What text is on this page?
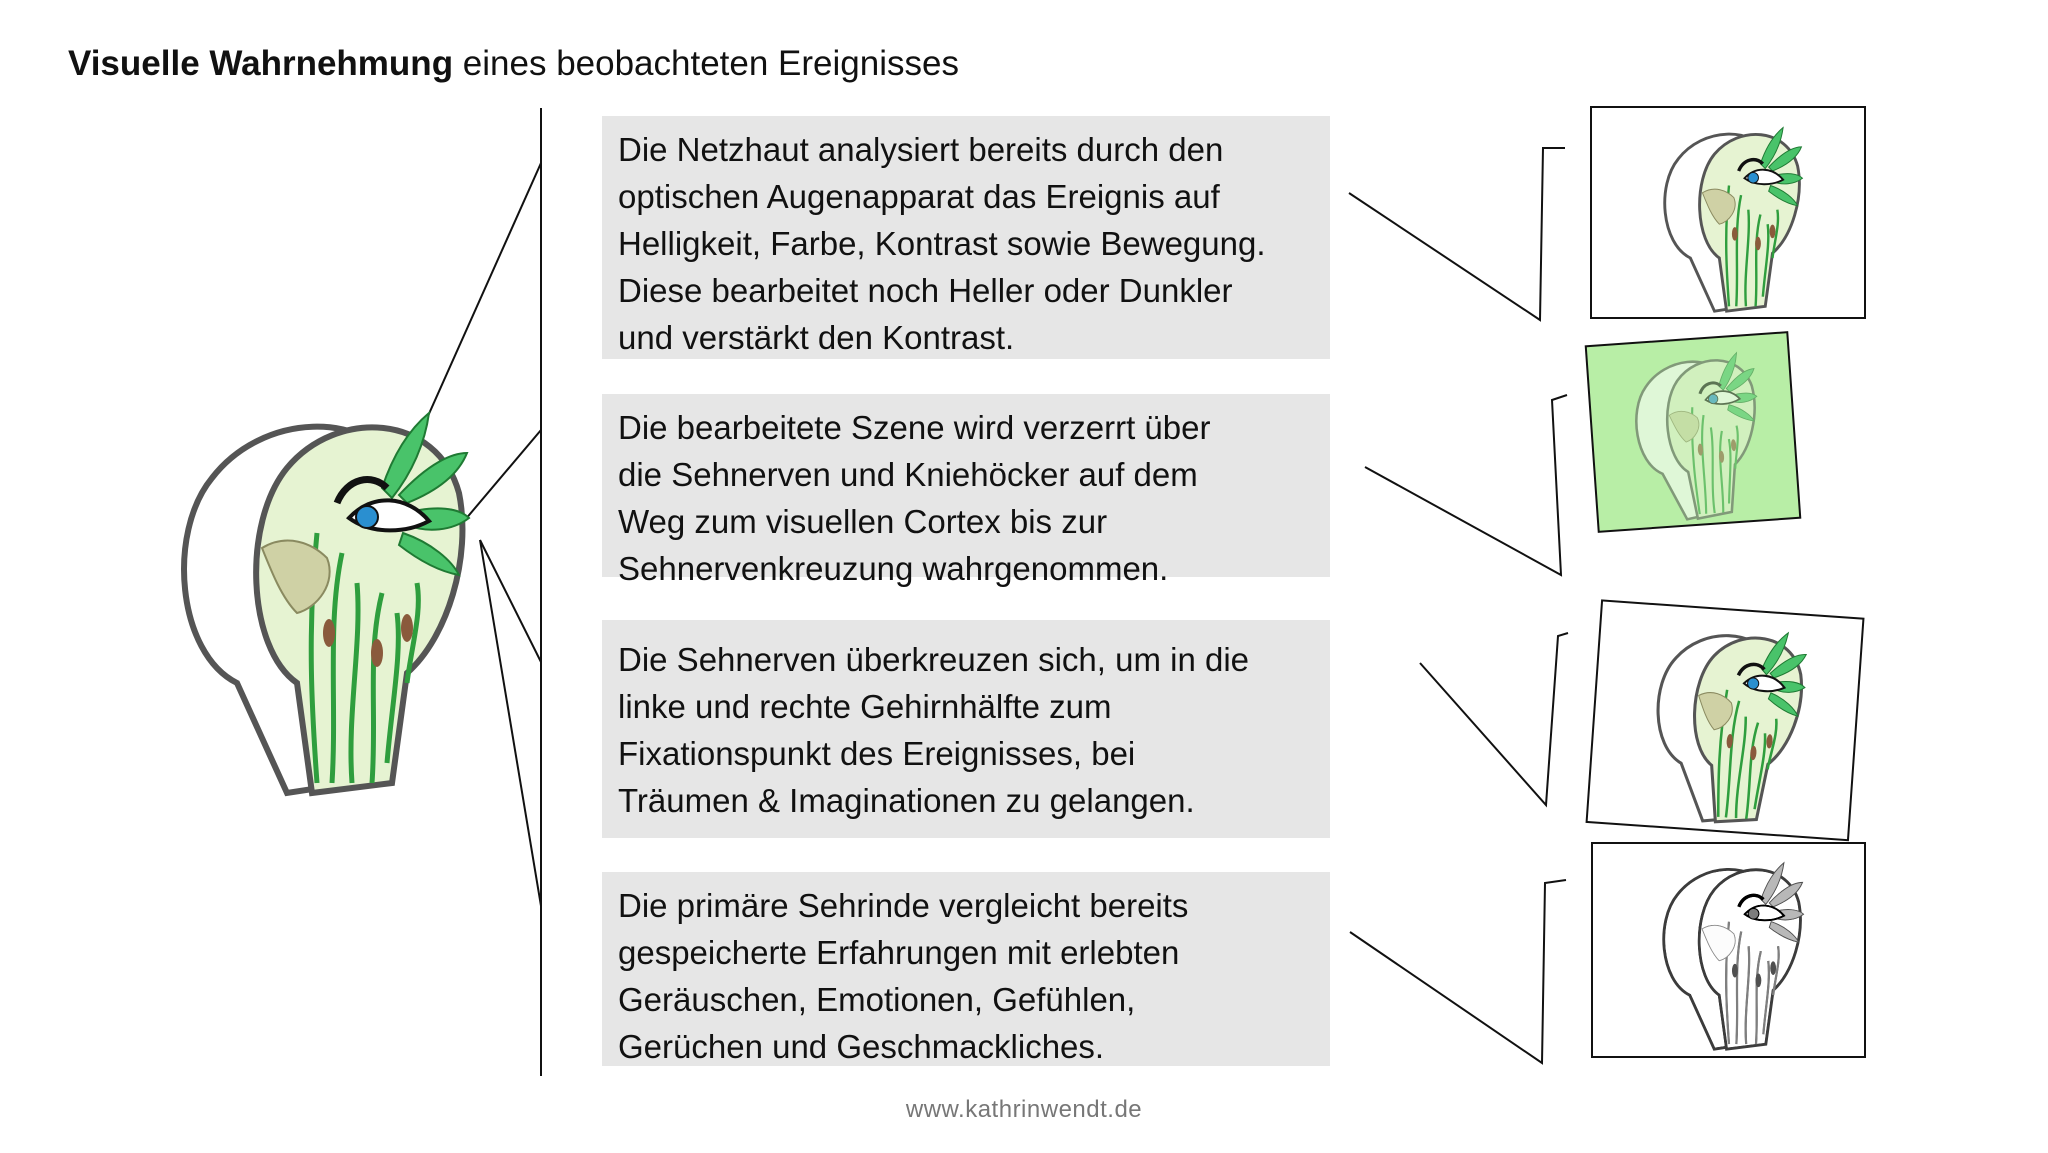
Visuelle Wahrnehmung eines beobachteten Ereignisses
Die Netzhaut analysiert bereits durch den
optischen Augenapparat das Ereignis auf
Helligkeit, Farbe, Kontrast sowie Bewegung.
Diese bearbeitet noch Heller oder Dunkler
und verstärkt den Kontrast.
Die bearbeitete Szene wird verzerrt über
die Sehnerven und Kniehöcker auf dem
Weg zum visuellen Cortex bis zur
Sehnervenkreuzung wahrgenommen.
Die Sehnerven überkreuzen sich, um in die
linke und rechte Gehirnhälfte zum
Fixationspunkt des Ereignisses, bei
Träumen & Imaginationen zu gelangen.
Die primäre Sehrinde vergleicht bereits
gespeicherte Erfahrungen mit erlebten
Geräuschen, Emotionen, Gefühlen,
Gerüchen und Geschmackliches.
www.kathrinwendt.de
